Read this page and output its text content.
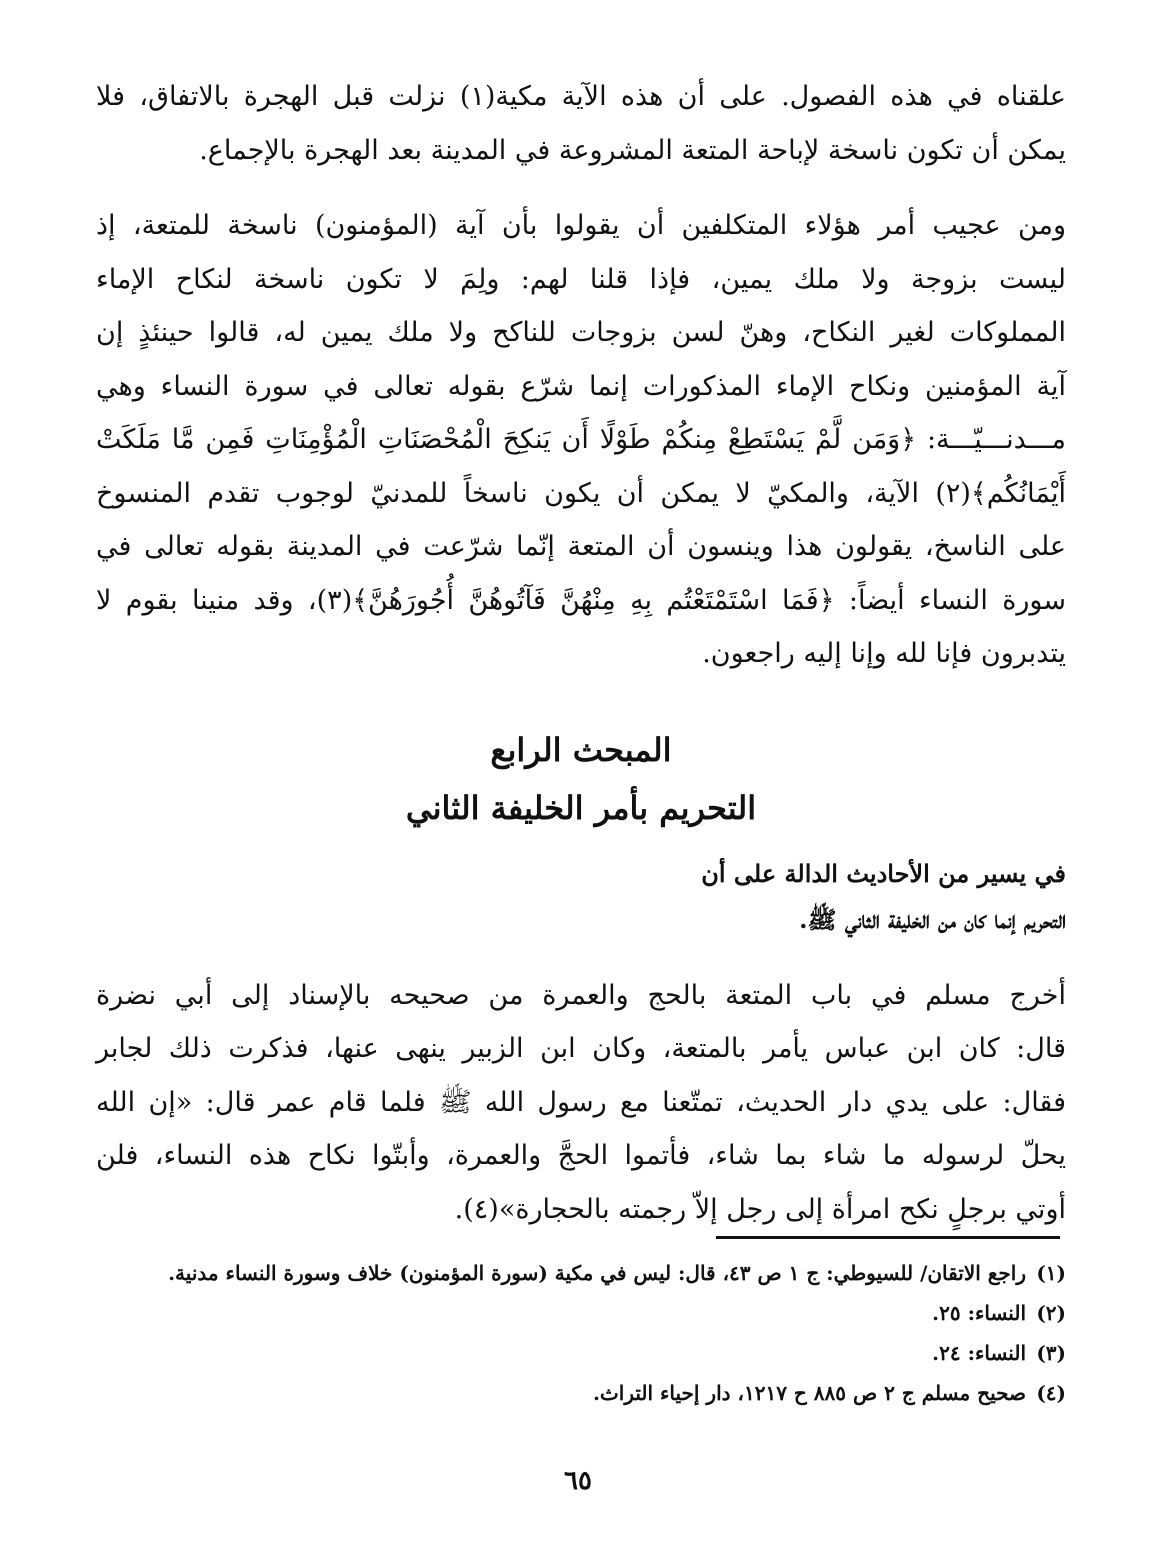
علقناه في هذه الفصول. على أن هذه الآية مكية(١) نزلت قبل الهجرة بالاتفاق، فلا
يمكن أن تكون ناسخة لإباحة المتعة المشروعة في المدينة بعد الهجرة بالإجماع.

ومن عجيب أمر هؤلاء المتكلفين أن يقولوا بأن آية (المؤمنون) ناسخة للمتعة، إذ
ليست بزوجة ولا ملك يمين، فإذا قلنا لهم: ولِمَ لا تكون ناسخة لنكاح الإماء
المملوكات لغير النكاح، وهنّ لسن بزوجات للناكح ولا ملك يمين له، قالوا حينئذٍ إن
آية المؤمنين ونكاح الإماء المذكورات إنما شرّع بقوله تعالى في سورة النساء وهي
مـــدنـــيّـــة: ﴿وَمَن لَّمْ يَسْتَطِعْ مِنكُمْ طَوْلًا أَن يَنكِحَ الْمُحْصَنَاتِ الْمُؤْمِنَاتِ فَمِن مَّا مَلَكَتْ
أَيْمَانُكُم﴾(٢) الآية، والمكيّ لا يمكن أن يكون ناسخاً للمدنيّ لوجوب تقدم المنسوخ
على الناسخ، يقولون هذا وينسون أن المتعة إنّما شرّعت في المدينة بقوله تعالى في
سورة النساء أيضاً: ﴿فَمَا اسْتَمْتَعْتُم بِهِ مِنْهُنَّ فَآتُوهُنَّ أُجُورَهُنَّ﴾(٣)، وقد منينا بقوم لا
يتدبرون فإنا لله وإنا إليه راجعون.

المبحث الرابع
التحريم بأمر الخليفة الثاني
في يسير من الأحاديث الدالة على أن
التحريم إنما كان من الخليفة الثاني ﷺ.

أخرج مسلم في باب المتعة بالحج والعمرة من صحيحه بالإسناد إلى أبي نضرة
قال: كان ابن عباس يأمر بالمتعة، وكان ابن الزبير ينهى عنها، فذكرت ذلك لجابر
فقال: على يدي دار الحديث، تمتّعنا مع رسول الله ﷺ فلما قام عمر قال: «إن الله
يحلّ لرسوله ما شاء بما شاء، فأتموا الحجَّ والعمرة، وأبتّوا نكاح هذه النساء، فلن
أوتي برجلٍ نكح امرأة إلى رجل إلاّ رجمته بالحجارة»(٤).

(١)
راجع الاتقان/ للسيوطي: ج ١ ص ٤٣، قال: ليس في مكية (سورة المؤمنون) خلاف وسورة النساء مدنية.
(٢)
النساء: ٢٥.
(٣)
النساء: ٢٤.
(٤)
صحيح مسلم ج ٢ ص ٨٨٥ ح ١٢١٧، دار إحياء التراث.
٦٥
